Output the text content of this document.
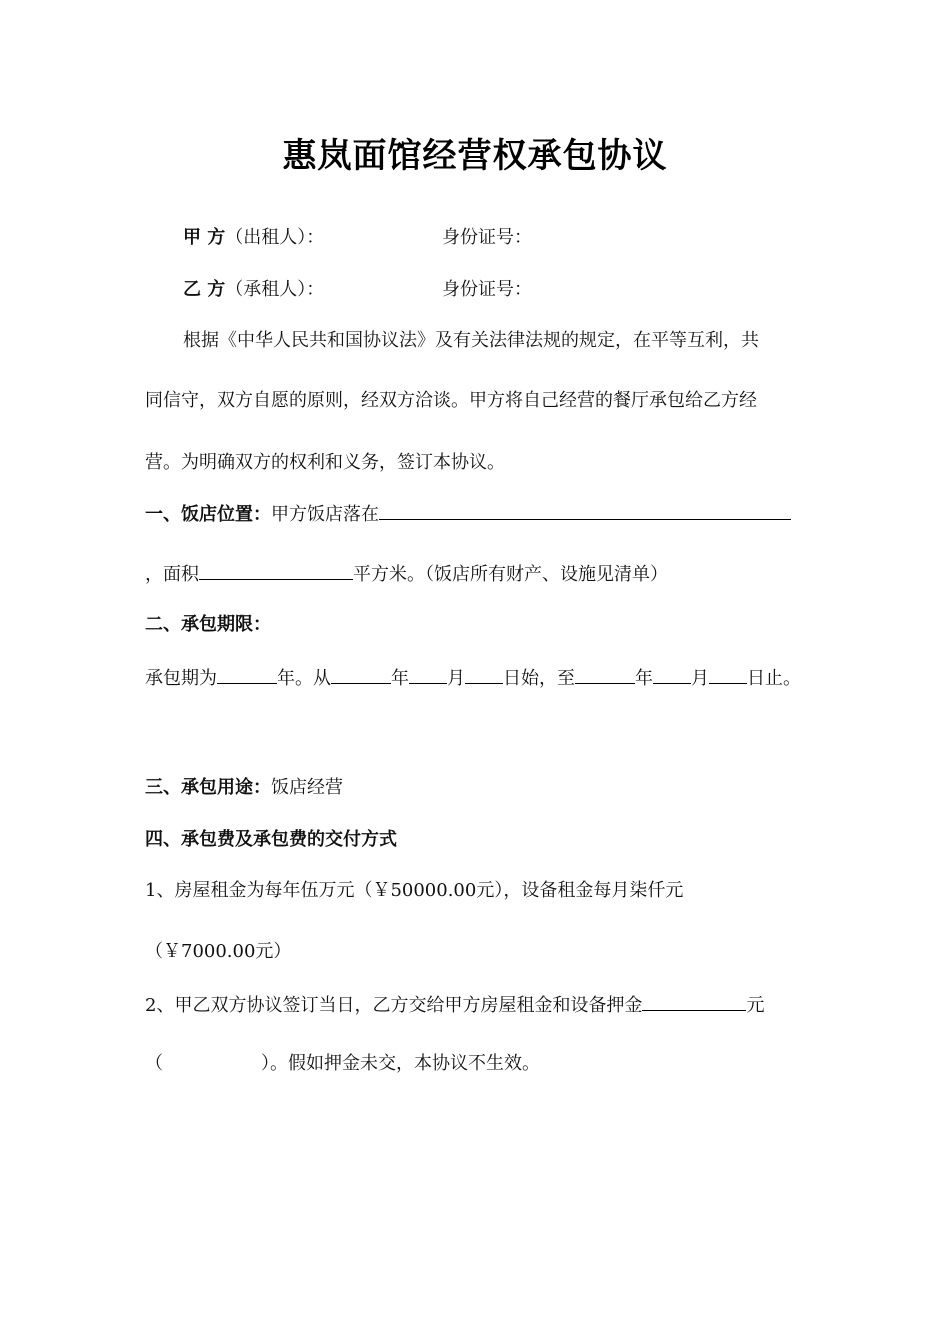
惠岚面馆经营权承包协议
甲 方（出租人）：	身份证号：
乙 方（承租人）：	身份证号：
根据《中华人民共和国协议法》及有关法律法规的规定，在平等互利，共
同信守，双方自愿的原则，经双方洽谈。甲方将自己经营的餐厅承包给乙方经
营。为明确双方的权利和义务，签订本协议。
一、饭店位置：甲方饭店落在
，面积	平方米。（饭店所有财产、设施见清单）
二、承包期限：
承包期为	年。从	年 月 日始，至	年 月 日止。
三、承包用途：饭店经营
四、承包费及承包费的交付方式
1、房屋租金为每年伍万元（￥50000.00元），设备租金每月柒仟元
（￥7000.00元）
2、甲乙双方协议签订当日，乙方交给甲方房屋租金和设备押金	元
（	）。假如押金未交，本协议不生效。
